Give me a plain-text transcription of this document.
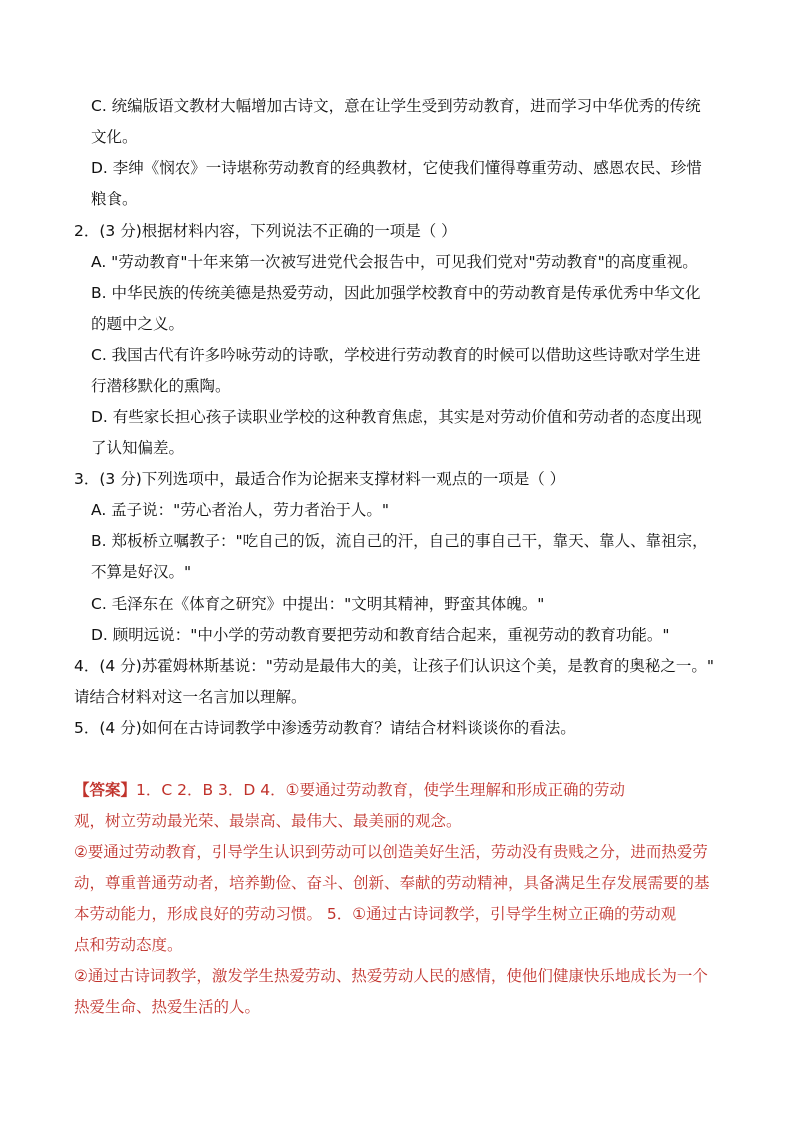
C. 统编版语文教材大幅增加古诗文，意在让学生受到劳动教育，进而学习中华优秀的传统
文化。
D. 李绅《悯农》一诗堪称劳动教育的经典教材，它使我们懂得尊重劳动、感恩农民、珍惜
粮食。
2．(3 分)根据材料内容，下列说法不正确的一项是（ ）
A. "劳动教育"十年来第一次被写进党代会报告中，可见我们党对"劳动教育"的高度重视。
B. 中华民族的传统美德是热爱劳动，因此加强学校教育中的劳动教育是传承优秀中华文化
的题中之义。
C. 我国古代有许多吟咏劳动的诗歌，学校进行劳动教育的时候可以借助这些诗歌对学生进
行潜移默化的熏陶。
D. 有些家长担心孩子读职业学校的这种教育焦虑，其实是对劳动价值和劳动者的态度出现
了认知偏差。
3．(3 分)下列选项中，最适合作为论据来支撑材料一观点的一项是（ ）
A. 孟子说："劳心者治人，劳力者治于人。"
B. 郑板桥立嘱教子："吃自己的饭，流自己的汗，自己的事自己干，靠天、靠人、靠祖宗，
不算是好汉。"
C. 毛泽东在《体育之研究》中提出："文明其精神，野蛮其体魄。"
D. 顾明远说："中小学的劳动教育要把劳动和教育结合起来，重视劳动的教育功能。"
4．(4 分)苏霍姆林斯基说："劳动是最伟大的美，让孩子们认识这个美，是教育的奥秘之一。"
请结合材料对这一名言加以理解。
5．(4 分)如何在古诗词教学中渗透劳动教育？请结合材料谈谈你的看法。
【答案】1．C 2．B 3．D 4．①要通过劳动教育，使学生理解和形成正确的劳动
观，树立劳动最光荣、最崇高、最伟大、最美丽的观念。
②要通过劳动教育，引导学生认识到劳动可以创造美好生活，劳动没有贵贱之分，进而热爱劳
动，尊重普通劳动者，培养勤俭、奋斗、创新、奉献的劳动精神，具备满足生存发展需要的基
本劳动能力，形成良好的劳动习惯。 5．①通过古诗词教学，引导学生树立正确的劳动观
点和劳动态度。
②通过古诗词教学，激发学生热爱劳动、热爱劳动人民的感情，使他们健康快乐地成长为一个
热爱生命、热爱生活的人。
